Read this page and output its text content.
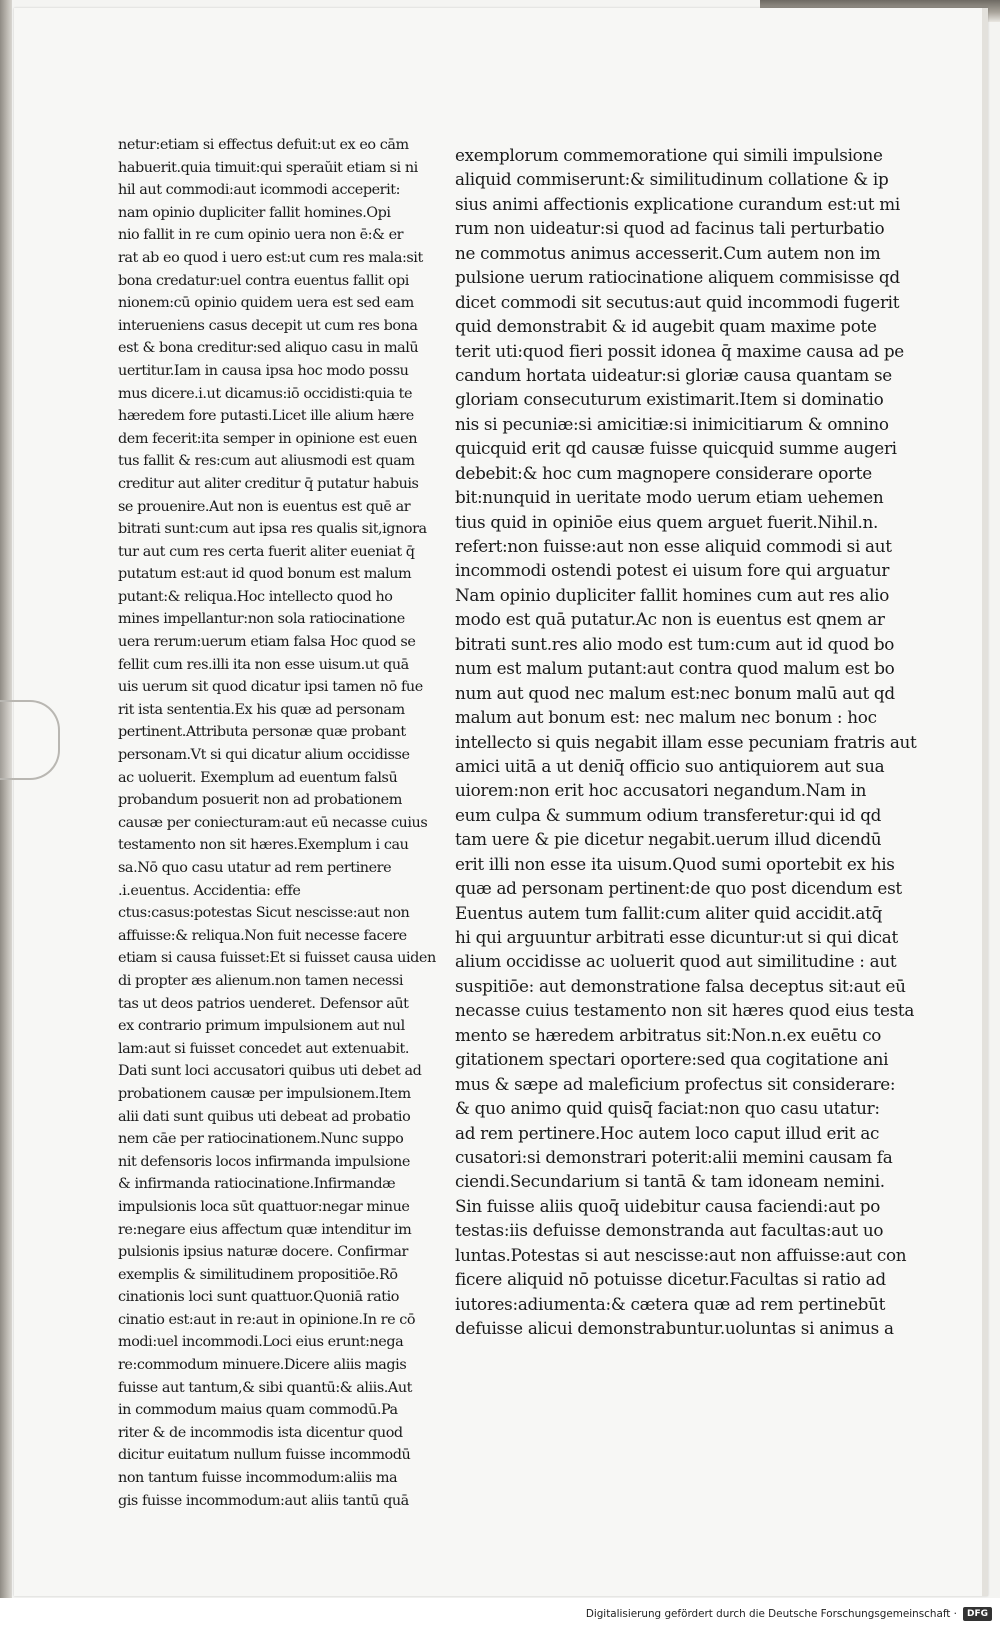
netur:etiam si effectus defuit:ut ex eo cām
habuerit.quia timuit:qui speraŭit etiam si ni
hil aut commodi:aut icommodi acceperit:
nam opinio dupliciter fallit homines.Opi
nio fallit in re cum opinio uera non ē:& er
rat ab eo quod i uero est:ut cum res mala:sit
bona credatur:uel contra euentus fallit opi
nionem:cū opinio quidem uera est sed eam
interueniens casus decepit ut cum res bona
est & bona creditur:sed aliquo casu in malū
uertitur.Iam in causa ipsa hoc modo possu
mus dicere.i.ut dicamus:iō occidisti:quia te
hæredem fore putasti.Licet ille alium hære
dem fecerit:ita semper in opinione est euen
tus fallit & res:cum aut aliusmodi est quam
creditur aut aliter creditur q̄ putatur habuis
se prouenire.Aut non is euentus est quē ar
bitrati sunt:cum aut ipsa res qualis sit,ignora
tur aut cum res certa fuerit aliter eueniat q̄
putatum est:aut id quod bonum est malum
putant:& reliqua.Hoc intellecto quod ho
mines impellantur:non sola ratiocinatione
uera rerum:uerum etiam falsa Hoc quod se
fellit cum res.illi ita non esse uisum.ut quā
uis uerum sit quod dicatur ipsi tamen nō fue
rit ista sententia.Ex his quæ ad personam
pertinent.Attributa personæ quæ probant
personam.Vt si qui dicatur alium occidisse
ac uoluerit. Exemplum ad euentum falsū
probandum posuerit non ad probationem
causæ per coniecturam:aut eū necasse cuius
testamento non sit hæres.Exemplum i cau
sa.Nō quo casu utatur ad rem pertinere
.i.euentus. Accidentia: effe
ctus:casus:potestas Sicut nescisse:aut non
affuisse:& reliqua.Non fuit necesse facere
etiam si causa fuisset:Et si fuisset causa uiden
di propter æs alienum.non tamen necessi
tas ut deos patrios uenderet. Defensor aūt
ex contrario primum impulsionem aut nul
lam:aut si fuisset concedet aut extenuabit.
Dati sunt loci accusatori quibus uti debet ad
probationem causæ per impulsionem.Item
alii dati sunt quibus uti debeat ad probatio
nem cāe per ratiocinationem.Nunc suppo
nit defensoris locos infirmanda impulsione
& infirmanda ratiocinatione.Infirmandæ
impulsionis loca sūt quattuor:negar minue
re:negare eius affectum quæ intenditur im
pulsionis ipsius naturæ docere. Confirmar
exemplis & similitudinem propositiōe.Rō
cinationis loci sunt quattuor.Quoniā ratio
cinatio est:aut in re:aut in opinione.In re cō
modi:uel incommodi.Loci eius erunt:nega
re:commodum minuere.Dicere aliis magis
fuisse aut tantum,& sibi quantū:& aliis.Aut
in commodum maius quam commodū.Pa
riter & de incommodis ista dicentur quod
dicitur euitatum nullum fuisse incommodū
non tantum fuisse incommodum:aliis ma
gis fuisse incommodum:aut aliis tantū quā
exemplorum commemoratione qui simili impulsione
aliquid commiserunt:& similitudinum collatione & ip
sius animi affectionis explicatione curandum est:ut mi
rum non uideatur:si quod ad facinus tali perturbatio
ne commotus animus accesserit.Cum autem non im
pulsione uerum ratiocinatione aliquem commisisse qd
dicet commodi sit secutus:aut quid incommodi fugerit
quid demonstrabit & id augebit quam maxime pote
terit uti:quod fieri possit idonea q̄ maxime causa ad pe
candum hortata uideatur:si gloriæ causa quantam se
gloriam consecuturum existimarit.Item si dominatio
nis si pecuniæ:si amicitiæ:si inimicitiarum & omnino
quicquid erit qd causæ fuisse quicquid summe augeri
debebit:& hoc cum magnopere considerare oporte
bit:nunquid in ueritate modo uerum etiam uehemen
tius quid in opiniōe eius quem arguet fuerit.Nihil.n.
refert:non fuisse:aut non esse aliquid commodi si aut
incommodi ostendi potest ei uisum fore qui arguatur
Nam opinio dupliciter fallit homines cum aut res alio
modo est quā putatur.Ac non is euentus est qnem ar
bitrati sunt.res alio modo est tum:cum aut id quod bo
num est malum putant:aut contra quod malum est bo
num aut quod nec malum est:nec bonum malū aut qd
malum aut bonum est: nec malum nec bonum : hoc
intellecto si quis negabit illam esse pecuniam fratris aut
amici uitā a ut deniq̄ officio suo antiquiorem aut sua
uiorem:non erit hoc accusatori negandum.Nam in
eum culpa & summum odium transferetur:qui id qd
tam uere & pie dicetur negabit.uerum illud dicendū
erit illi non esse ita uisum.Quod sumi oportebit ex his
quæ ad personam pertinent:de quo post dicendum est
Euentus autem tum fallit:cum aliter quid accidit.atq̄
hi qui arguuntur arbitrati esse dicuntur:ut si qui dicat
alium occidisse ac uoluerit quod aut similitudine : aut
suspitiōe: aut demonstratione falsa deceptus sit:aut eū
necasse cuius testamento non sit hæres quod eius testa
mento se hæredem arbitratus sit:Non.n.ex euētu co
gitationem spectari oportere:sed qua cogitatione ani
mus & sæpe ad maleficium profectus sit considerare:
& quo animo quid quisq̄ faciat:non quo casu utatur:
ad rem pertinere.Hoc autem loco caput illud erit ac
cusatori:si demonstrari poterit:alii memini causam fa
ciendi.Secundarium si tantā & tam idoneam nemini.
Sin fuisse aliis quoq̄ uidebitur causa faciendi:aut po
testas:iis defuisse demonstranda aut facultas:aut uo
luntas.Potestas si aut nescisse:aut non affuisse:aut con
ficere aliquid nō potuisse dicetur.Facultas si ratio ad
iutores:adiumenta:& cætera quæ ad rem pertinebūt
defuisse alicui demonstrabuntur.uoluntas si animus a
Digitalisierung gefördert durch die Deutsche Forschungsgemeinschaft ·	DFG
